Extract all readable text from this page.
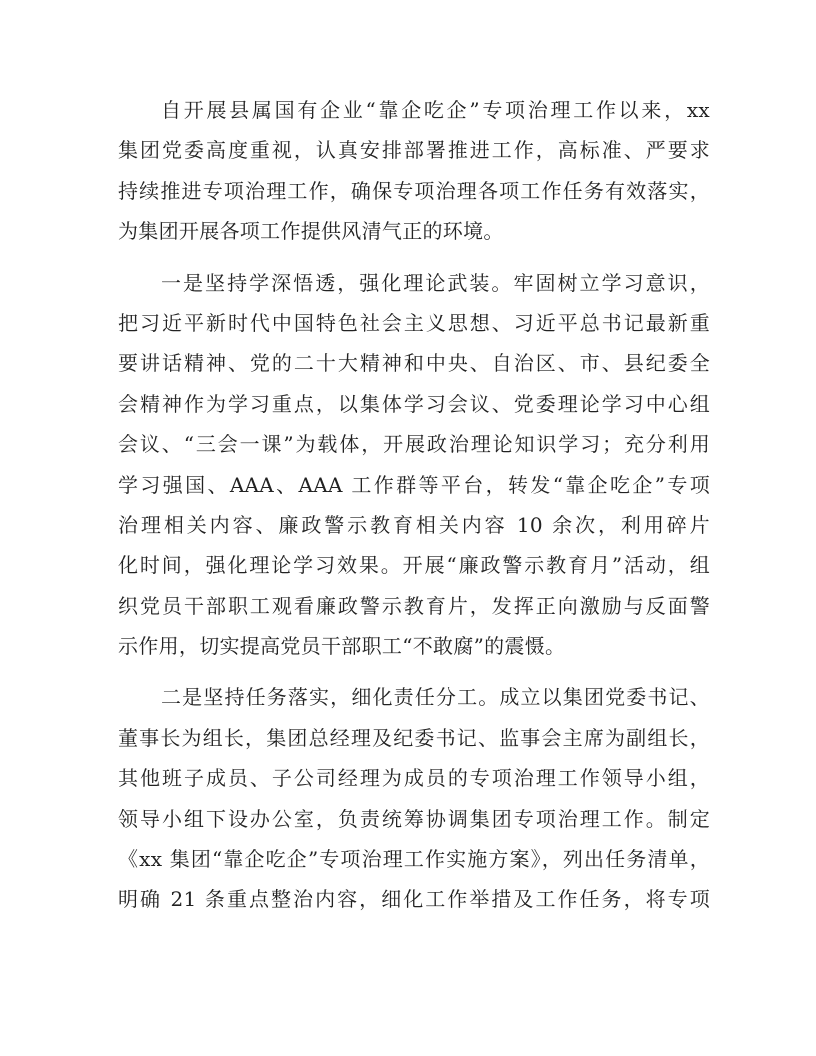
自开展县属国有企业“靠企吃企”专项治理工作以来，xx
集团党委高度重视，认真安排部署推进工作，高标准、严要求
持续推进专项治理工作，确保专项治理各项工作任务有效落实，
为集团开展各项工作提供风清气正的环境。
一是坚持学深悟透，强化理论武装。牢固树立学习意识，
把习近平新时代中国特色社会主义思想、习近平总书记最新重
要讲话精神、党的二十大精神和中央、自治区、市、县纪委全
会精神作为学习重点，以集体学习会议、党委理论学习中心组
会议、“三会一课”为载体，开展政治理论知识学习；充分利用
学习强国、AAA、AAA 工作群等平台，转发“靠企吃企”专项
治理相关内容、廉政警示教育相关内容 10 余次，利用碎片
化时间，强化理论学习效果。开展“廉政警示教育月”活动，组
织党员干部职工观看廉政警示教育片，发挥正向激励与反面警
示作用，切实提高党员干部职工“不敢腐”的震慑。
二是坚持任务落实，细化责任分工。成立以集团党委书记、
董事长为组长，集团总经理及纪委书记、监事会主席为副组长，
其他班子成员、子公司经理为成员的专项治理工作领导小组，
领导小组下设办公室，负责统筹协调集团专项治理工作。制定
《xx 集团“靠企吃企”专项治理工作实施方案》，列出任务清单，
明确 21 条重点整治内容，细化工作举措及工作任务，将专项
